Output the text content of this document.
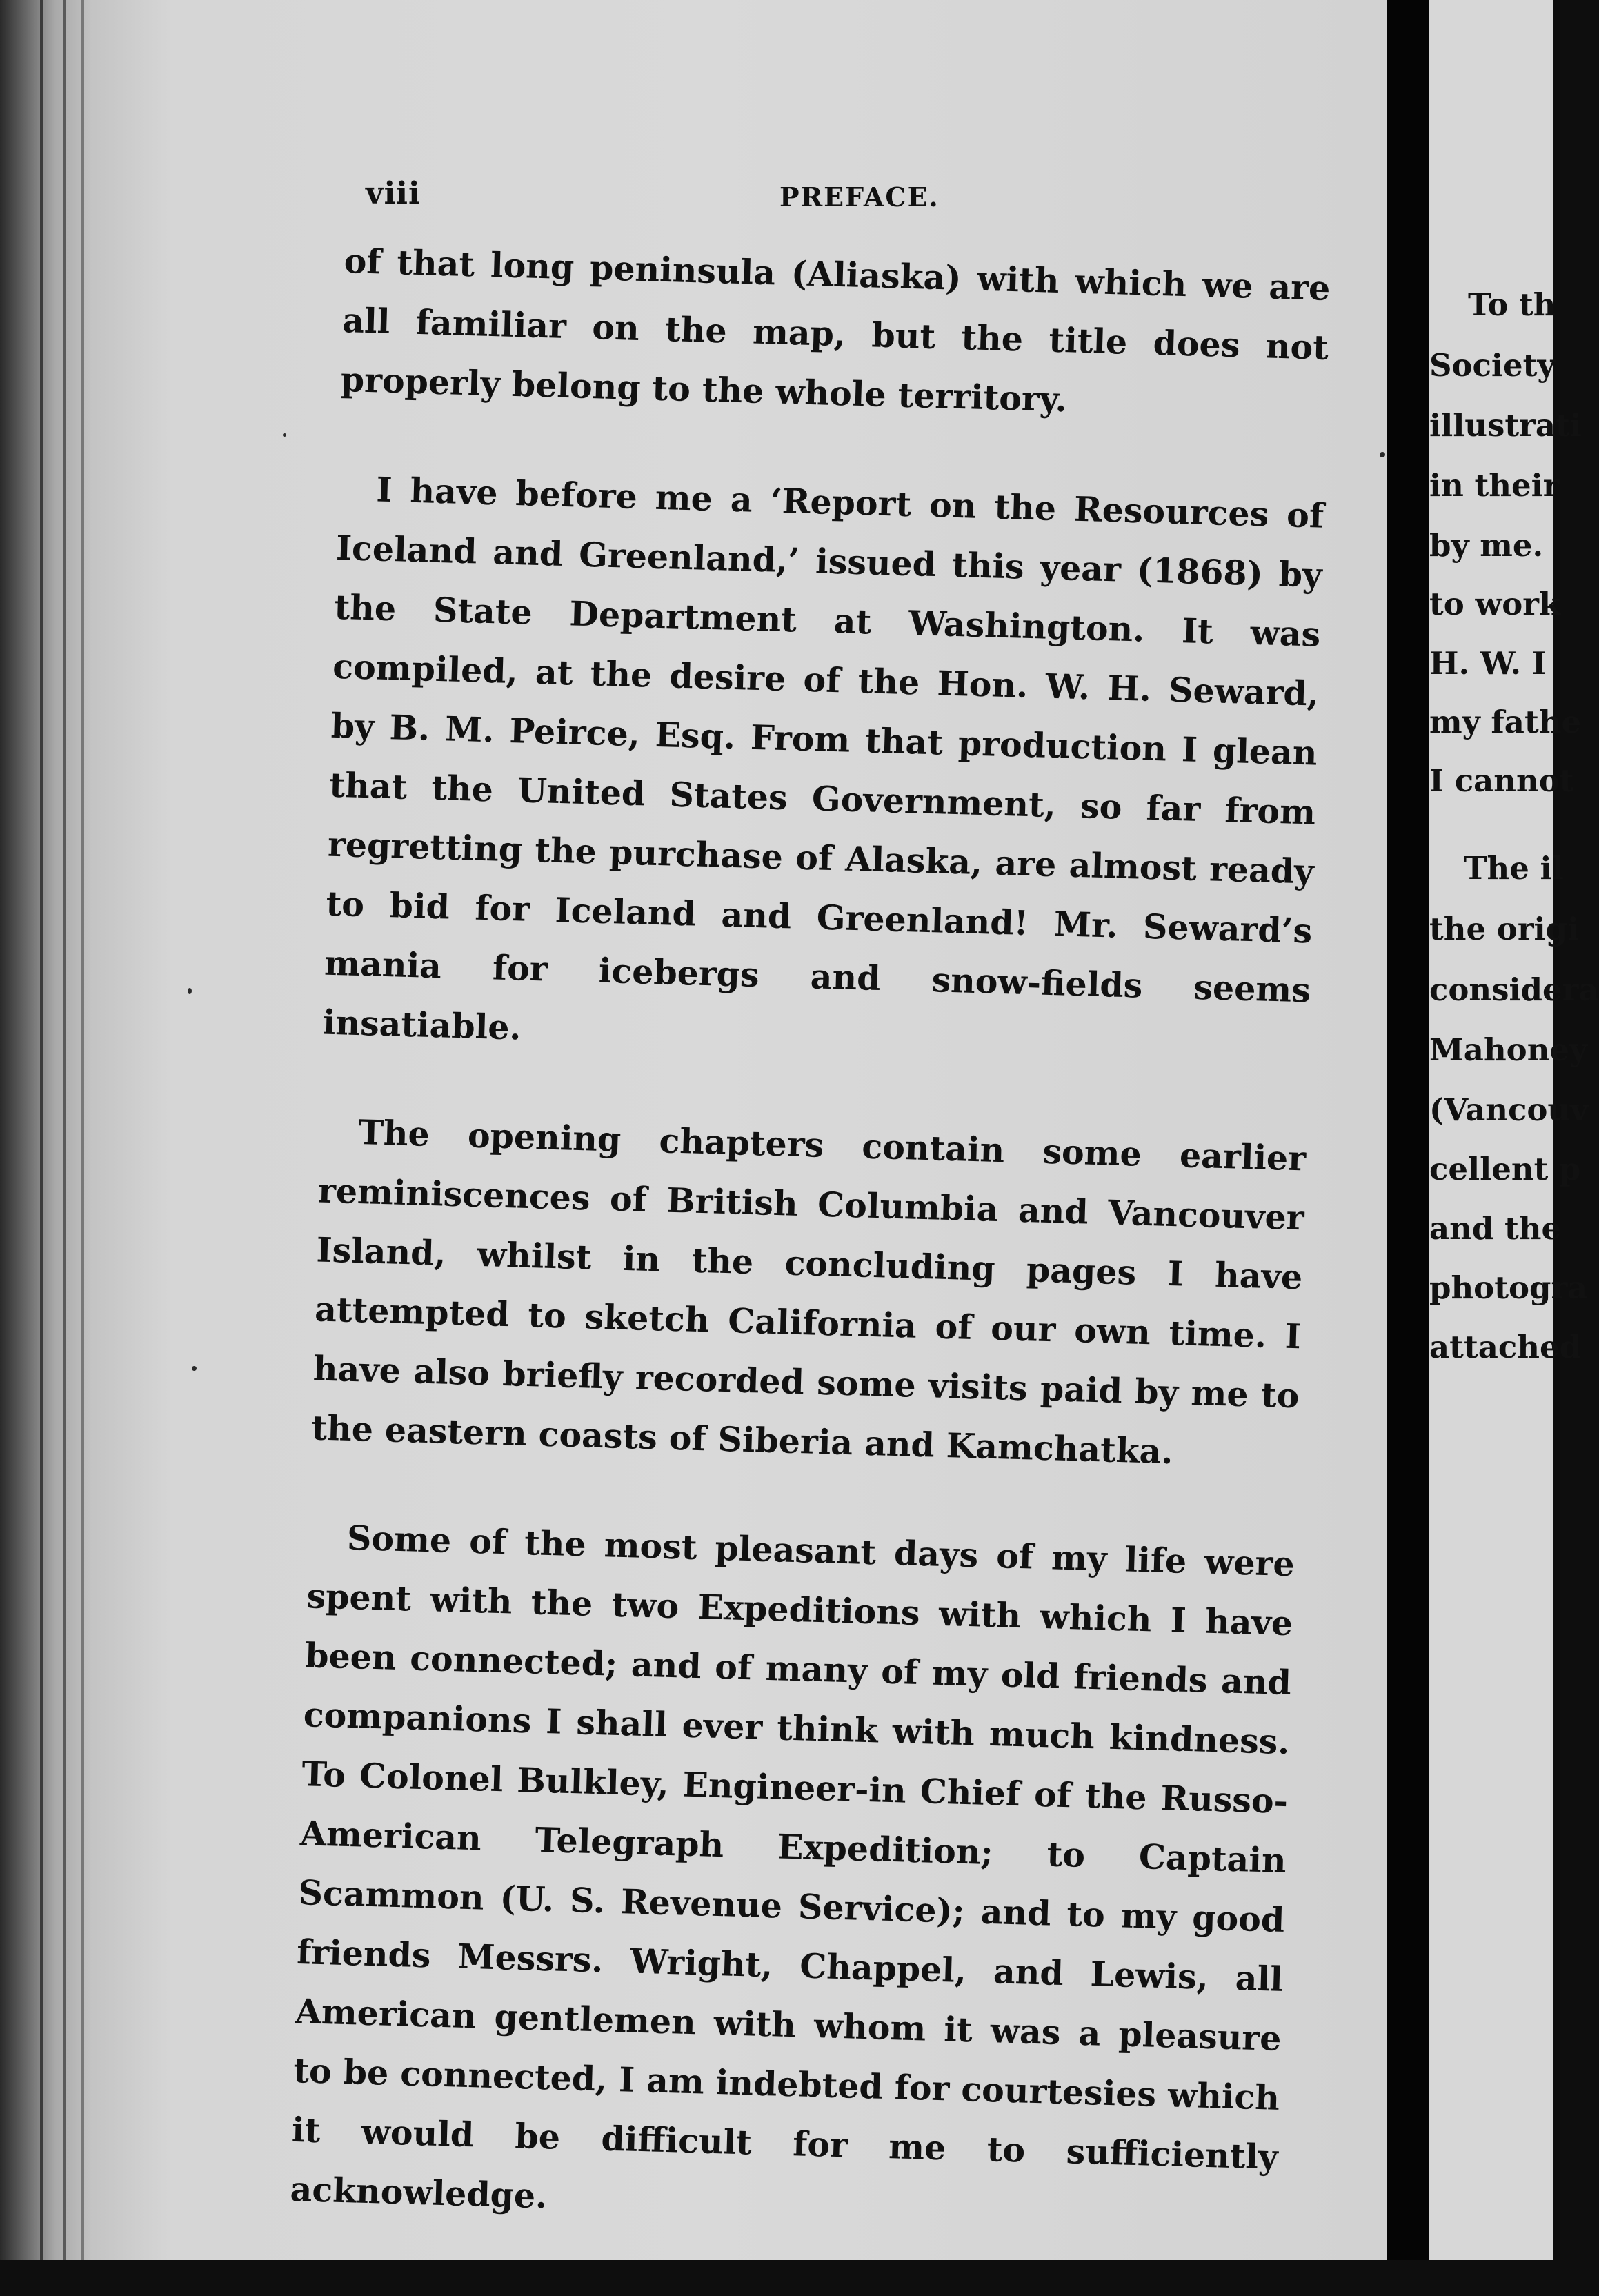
viii	PREFACE.

of that long peninsula (Aliaska) with which we are all familiar on the map, but the title does not properly belong to the whole territory.

I have before me a ‘Report on the Resources of Iceland and Greenland,’ issued this year (1868) by the State Department at Washington. It was compiled, at the desire of the Hon. W. H. Seward, by B. M. Peirce, Esq. From that production I glean that the United States Government, so far from regretting the purchase of Alaska, are almost ready to bid for Iceland and Greenland! Mr. Seward’s mania for icebergs and snow-fields seems insatiable.

The opening chapters contain some earlier reminiscences of British Columbia and Vancouver Island, whilst in the concluding pages I have attempted to sketch California of our own time. I have also briefly recorded some visits paid by me to the eastern coasts of Siberia and Kamchatka.

Some of the most pleasant days of my life were spent with the two Expeditions with which I have been connected; and of many of my old friends and companions I shall ever think with much kindness. To Colonel Bulkley, Engineer-in Chief of the Russo-American Telegraph Expedition; to Captain Scammon (U. S. Revenue Service); and to my good friends Messrs. Wright, Chappel, and Lewis, all American gentlemen with whom it was a pleasure to be connected, I am indebted for courtesies which it would be difficult for me to sufficiently acknowledge.

To th
Society
illustrati
in their
by me.
to work
H. W. I
my fathe
I cannot
The il
the origi
considera
Mahoney
(Vancouv
cellent p
and the
photogra
attached
